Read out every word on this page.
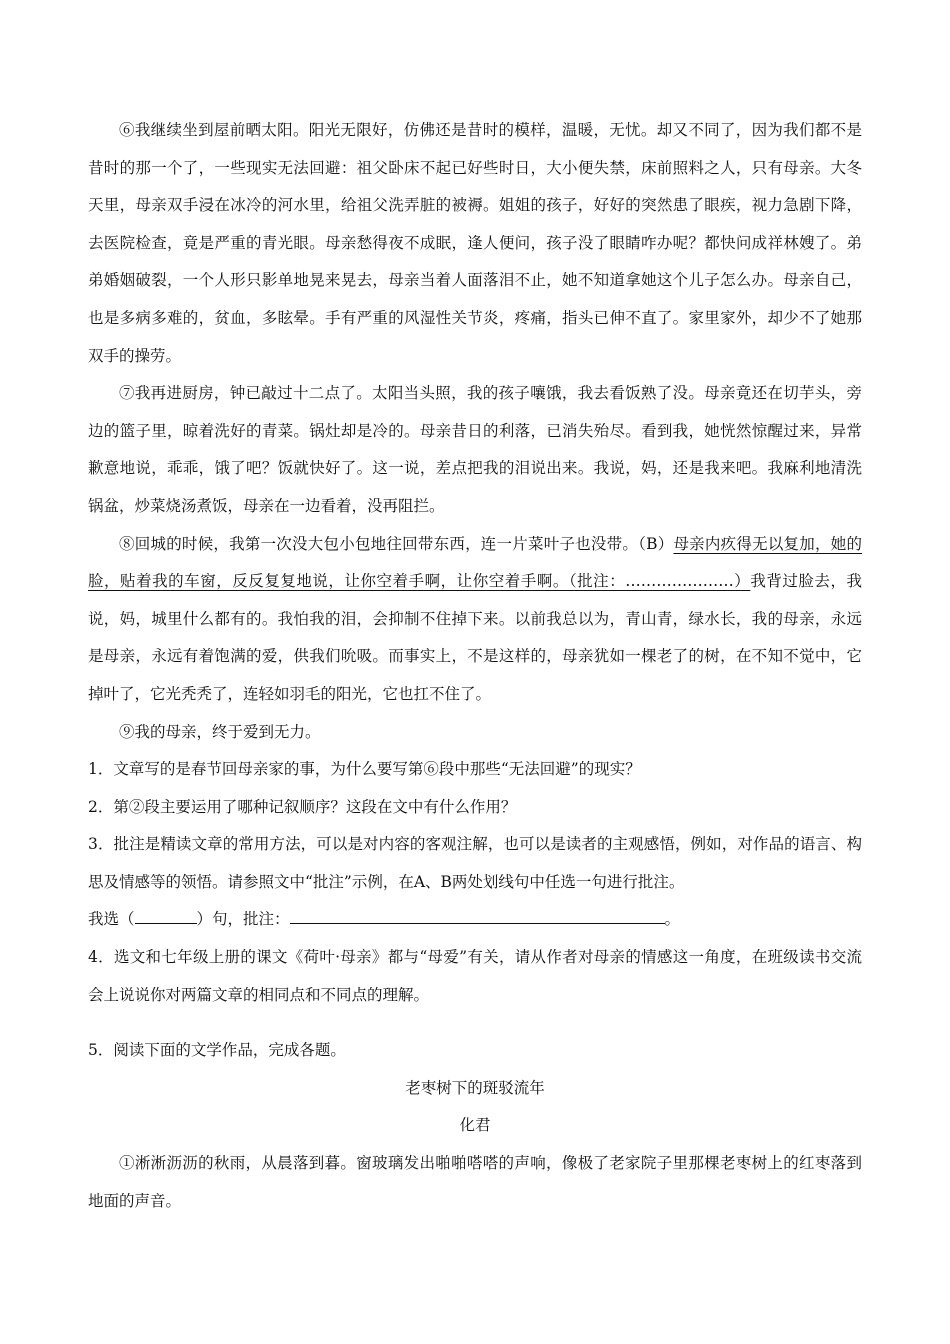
⑥我继续坐到屋前晒太阳。阳光无限好，仿佛还是昔时的模样，温暖，无忧。却又不同了，因为我们都不是昔时的那一个了，一些现实无法回避：祖父卧床不起已好些时日，大小便失禁，床前照料之人，只有母亲。大冬天里，母亲双手浸在冰冷的河水里，给祖父洗弄脏的被褥。姐姐的孩子，好好的突然患了眼疾，视力急剧下降，去医院检查，竟是严重的青光眼。母亲愁得夜不成眠，逢人便问，孩子没了眼睛咋办呢？都快问成祥林嫂了。弟弟婚姻破裂，一个人形只影单地晃来晃去，母亲当着人面落泪不止，她不知道拿她这个儿子怎么办。母亲自己，也是多病多难的，贫血，多眩晕。手有严重的风湿性关节炎，疼痛，指头已伸不直了。家里家外，却少不了她那双手的操劳。

⑦我再进厨房，钟已敲过十二点了。太阳当头照，我的孩子嚷饿，我去看饭熟了没。母亲竟还在切芋头，旁边的篮子里，晾着洗好的青菜。锅灶却是冷的。母亲昔日的利落，已消失殆尽。看到我，她恍然惊醒过来，异常歉意地说，乖乖，饿了吧？饭就快好了。这一说，差点把我的泪说出来。我说，妈，还是我来吧。我麻利地清洗锅盆，炒菜烧汤煮饭，母亲在一边看着，没再阻拦。

⑧回城的时候，我第一次没大包小包地往回带东西，连一片菜叶子也没带。（B）母亲内疚得无以复加，她的脸，贴着我的车窗，反反复复地说，让你空着手啊，让你空着手啊。（批注：…………………）我背过脸去，我说，妈，城里什么都有的。我怕我的泪，会抑制不住掉下来。以前我总以为，青山青，绿水长，我的母亲，永远是母亲，永远有着饱满的爱，供我们吮吸。而事实上，不是这样的，母亲犹如一棵老了的树，在不知不觉中，它掉叶了，它光秃秃了，连轻如羽毛的阳光，它也扛不住了。

⑨我的母亲，终于爱到无力。

1．文章写的是春节回母亲家的事，为什么要写第⑥段中那些“无法回避”的现实？

2．第②段主要运用了哪种记叙顺序？这段在文中有什么作用？

3．批注是精读文章的常用方法，可以是对内容的客观注解，也可以是读者的主观感悟，例如，对作品的语言、构思及情感等的领悟。请参照文中“批注”示例，在A、B两处划线句中任选一句进行批注。

我选（	）句，批注：	。

4．选文和七年级上册的课文《荷叶·母亲》都与“母爱”有关，请从作者对母亲的情感这一角度，在班级读书交流会上说说你对两篇文章的相同点和不同点的理解。

5．阅读下面的文学作品，完成各题。

老枣树下的斑驳流年

化君

①淅淅沥沥的秋雨，从晨落到暮。窗玻璃发出啪啪嗒嗒的声响，像极了老家院子里那棵老枣树上的红枣落到地面的声音。
